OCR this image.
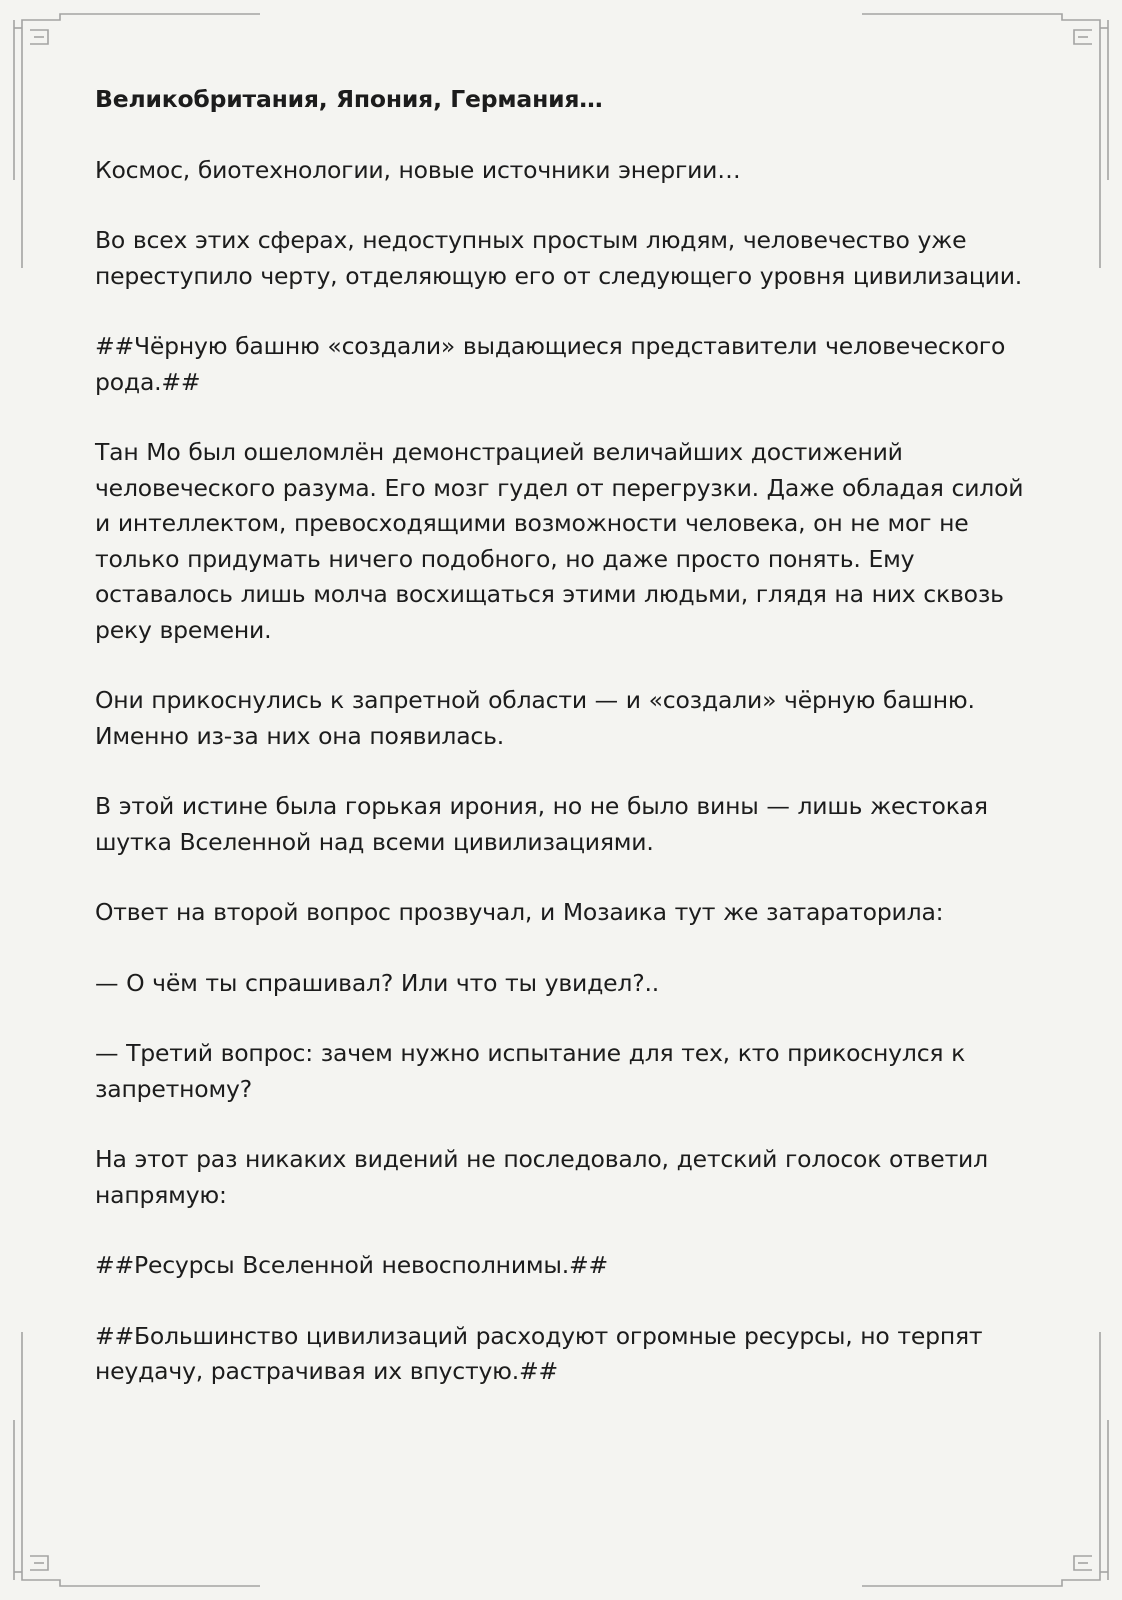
Великобритания, Япония, Германия…

Космос, биотехнологии, новые источники энергии…

Во всех этих сферах, недоступных простым людям, человечество уже переступило черту, отделяющую его от следующего уровня цивилизации.

##Чёрную башню «создали» выдающиеся представители человеческого рода.##

Тан Мо был ошеломлён демонстрацией величайших достижений человеческого разума. Его мозг гудел от перегрузки. Даже обладая силой и интеллектом, превосходящими возможности человека, он не мог не только придумать ничего подобного, но даже просто понять. Ему оставалось лишь молча восхищаться этими людьми, глядя на них сквозь реку времени.

Они прикоснулись к запретной области — и «создали» чёрную башню. Именно из-за них она появилась.

В этой истине была горькая ирония, но не было вины — лишь жестокая шутка Вселенной над всеми цивилизациями.

Ответ на второй вопрос прозвучал, и Мозаика тут же затараторила:

— О чём ты спрашивал? Или что ты увидел?..

— Третий вопрос: зачем нужно испытание для тех, кто прикоснулся к запретному?

На этот раз никаких видений не последовало, детский голосок ответил напрямую:

##Ресурсы Вселенной невосполнимы.##

##Большинство цивилизаций расходуют огромные ресурсы, но терпят неудачу, растрачивая их впустую.##
